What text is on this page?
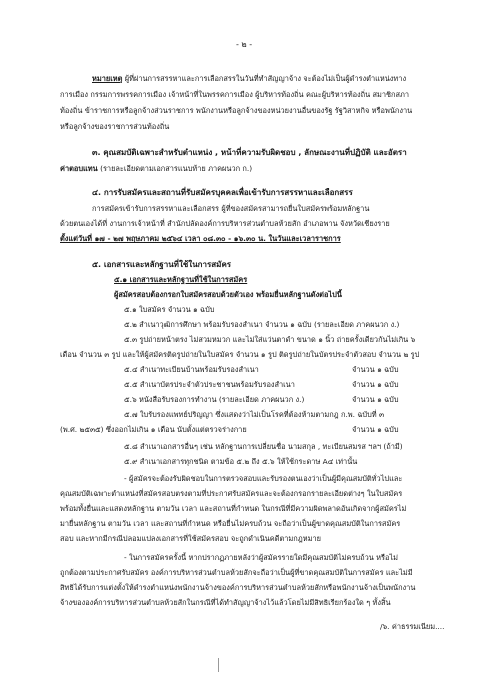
- ๒ -
หมายเหตุ ผู้ที่ผ่านการสรรหาและการเลือกสรรในวันที่ทำสัญญาจ้าง จะต้องไม่เป็นผู้ดำรงตำแหน่งทาง
การเมือง กรรมการพรรคการเมือง เจ้าหน้าที่ในพรรคการเมือง ผู้บริหารท้องถิ่น คณะผู้บริหารท้องถิ่น สมาชิกสภา
ท้องถิ่น ข้าราชการหรือลูกจ้างส่วนราชการ พนักงานหรือลูกจ้างของหน่วยงานอื่นของรัฐ รัฐวิสาหกิจ หรือพนักงาน
หรือลูกจ้างของราชการส่วนท้องถิ่น
๓. คุณสมบัติเฉพาะสำหรับตำแหน่ง , หน้าที่ความรับผิดชอบ , ลักษณะงานที่ปฏิบัติ และอัตรา
ค่าตอบแทน (รายละเอียดตามเอกสารแนบท้าย ภาคผนวก ก.)
๔. การรับสมัครและสถานที่รับสมัครบุคคลเพื่อเข้ารับการสรรหาและเลือกสรร
การสมัครเข้ารับการสรรหาและเลือกสรร ผู้ที่ของสมัครสามารถยื่นใบสมัครพร้อมหลักฐาน
ด้วยตนเองได้ที่ งานการเจ้าหน้าที่ สำนักปลัดองค์การบริหารส่วนตำบลห้วยสัก อำเภอพาน จังหวัดเชียงราย
ตั้งแต่วันที่ ๑๗ - ๒๗ พฤษภาคม ๒๕๖๔ เวลา ๐๘.๓๐ - ๑๖.๓๐ น. ในวันและเวลาราชการ
๕. เอกสารและหลักฐานที่ใช้ในการสมัคร
๕.๑ เอกสารและหลักฐานที่ใช้ในการสมัคร
ผู้สมัครสอบต้องกรอกใบสมัครสอบด้วยตัวเอง พร้อมยื่นหลักฐานดังต่อไปนี้
๕.๑ ใบสมัคร จำนวน ๑ ฉบับ
๕.๒ สำเนาวุฒิการศึกษา พร้อมรับรองสำเนา จำนวน ๑ ฉบับ (รายละเอียด ภาคผนวก ง.)
๕.๓ รูปถ่ายหน้าตรง ไม่สวมหมวก และไม่ใส่แว่นตาดำ ขนาด ๑ นิ้ว ถ่ายครั้งเดียวกันไม่เกิน ๖
เดือน จำนวน ๓ รูป และให้ผู้สมัครติดรูปถ่ายในใบสมัคร จำนวน ๑ รูป ติดรูปถ่ายในบัตรประจำตัวสอบ จำนวน ๒ รูป
๕.๔ สำเนาทะเบียนบ้านพร้อมรับรองสำเนา	จำนวน ๑ ฉบับ
๕.๕ สำเนาบัตรประจำตัวประชาชนพร้อมรับรองสำเนา	จำนวน ๑ ฉบับ
๕.๖ หนังสือรับรองการทำงาน (รายละเอียด ภาคผนวก ง.)	จำนวน ๑ ฉบับ
๕.๗ ใบรับรองแพทย์ปริญญา ซึ่งแสดงว่าไม่เป็นโรคที่ต้องห้ามตามกฎ ก.พ. ฉบับที่ ๓
(พ.ศ. ๒๕๓๕) ซึ่งออกไม่เกิน ๑ เดือน นับตั้งแต่ตรวจร่างกาย	จำนวน ๑ ฉบับ
๕.๘ สำเนาเอกสารอื่นๆ เช่น หลักฐานการเปลี่ยนชื่อ นามสกุล , ทะเบียนสมรส ฯลฯ (ถ้ามี)
๕.๙ สำเนาเอกสารทุกชนิด ตามข้อ ๕.๒ ถึง ๕.๖ ให้ใช้กระดาษ A๔ เท่านั้น
- ผู้สมัครจะต้องรับผิดชอบในการตรวจสอบและรับรองตนเองว่าเป็นผู้มีคุณสมบัติทั่วไปและ
คุณสมบัติเฉพาะตำแหน่งที่สมัครสอบตรงตามที่ประกาศรับสมัครและจะต้องกรอกรายละเอียดต่างๆ ในใบสมัคร
พร้อมทั้งยื่นและแสดงหลักฐาน ตามวัน เวลา และสถานที่กำหนด ในกรณีที่มีความผิดพลาดอันเกิดจากผู้สมัครไม่
มายื่นหลักฐาน ตามวัน เวลา และสถานที่กำหนด หรือยื่นไม่ครบถ้วน จะถือว่าเป็นผู้ขาดคุณสมบัติในการสมัคร
สอบ และหากมีกรณีปลอมแปลงเอกสารที่ใช้สมัครสอบ จะถูกดำเนินคดีตามกฎหมาย
- ในการสมัครครั้งนี้ หากปรากฏภายหลังว่าผู้สมัครรายใดมีคุณสมบัติไม่ครบถ้วน หรือไม่
ถูกต้องตามประกาศรับสมัคร องค์การบริหารส่วนตำบลห้วยสักจะถือว่าเป็นผู้ที่ขาดคุณสมบัติในการสมัคร และไม่มี
สิทธิได้รับการแต่งตั้งให้ดำรงตำแหน่งพนักงานจ้างของค์การบริหารส่วนตำบลห้วยสักหรือพนักงานจ้างเป็นพนักงาน
จ้างขององค์การบริหารส่วนตำบลห้วยสักในกรณีที่ได้ทำสัญญาจ้างไว้แล้วโดยไม่มีสิทธิเรียกร้องใด ๆ ทั้งสิ้น
/๖. ค่าธรรมเนียม....
